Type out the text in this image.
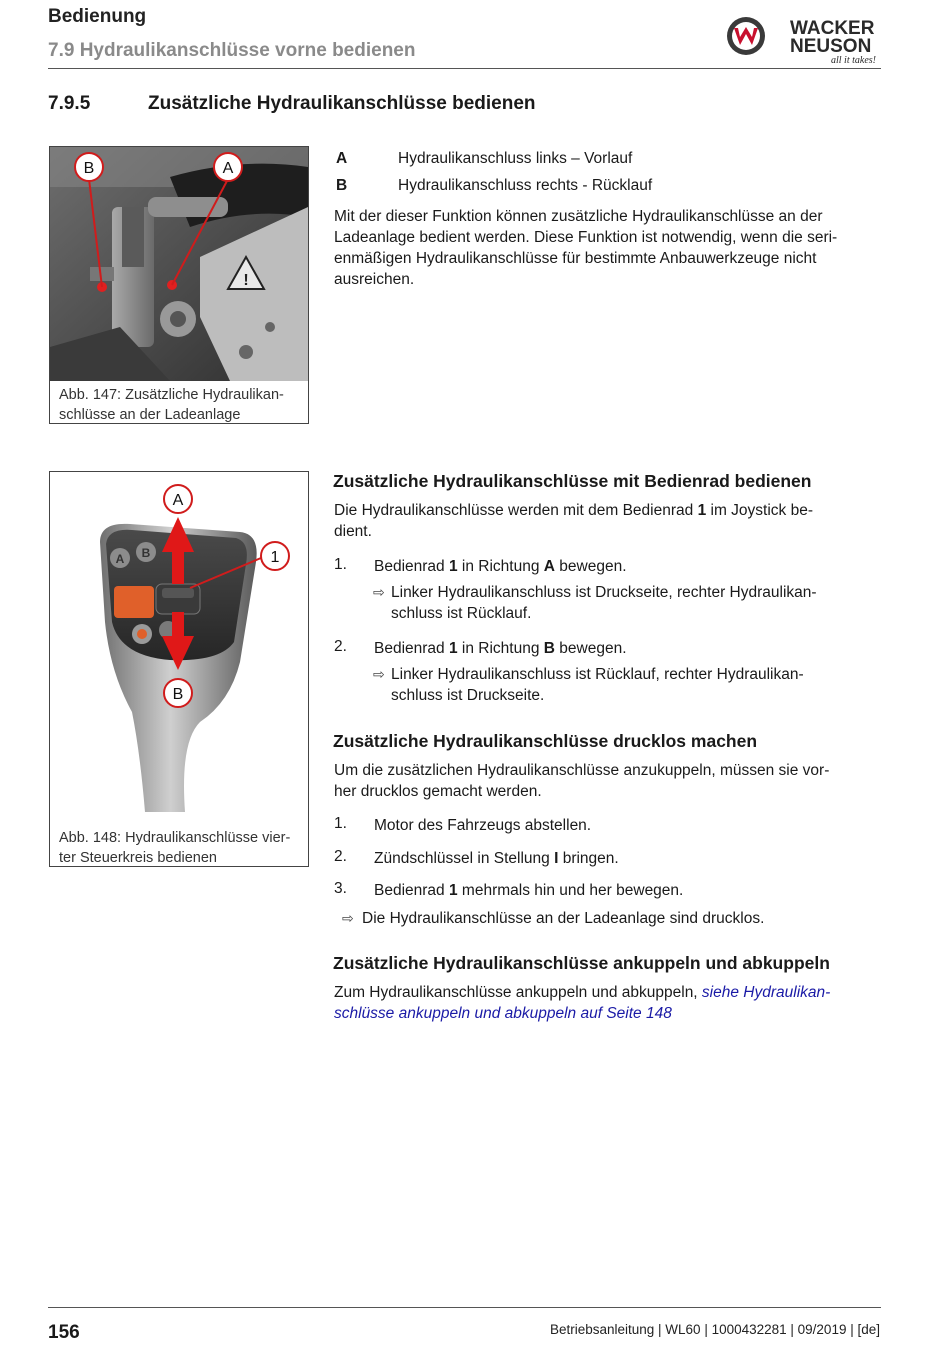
Bedienung
7.9 Hydraulikanschlüsse vorne bedienen
WACKER
NEUSON
all it takes!
7.9.5	Zusätzliche Hydraulikanschlüsse bedienen
!
B	A
Abb. 147: Zusätzliche Hydraulikan-
schlüsse an der Ladeanlage
A	Hydraulikanschluss links – Vorlauf
B	Hydraulikanschluss rechts - Rücklauf
Mit der dieser Funktion können zusätzliche Hydraulikanschlüsse an der
Ladeanlage bedient werden. Diese Funktion ist notwendig, wenn die seri-
enmäßigen Hydraulikanschlüsse für bestimmte Anbauwerkzeuge nicht
ausreichen.
A B
A
1
B
Abb. 148: Hydraulikanschlüsse vier-
ter Steuerkreis bedienen
Zusätzliche Hydraulikanschlüsse mit Bedienrad bedienen
Die Hydraulikanschlüsse werden mit dem Bedienrad 1 im Joystick be-
dient.
1. Bedienrad 1 in Richtung A bewegen.
⇨ Linker Hydraulikanschluss ist Druckseite, rechter Hydraulikan-
schluss ist Rücklauf.
2. Bedienrad 1 in Richtung B bewegen.
⇨ Linker Hydraulikanschluss ist Rücklauf, rechter Hydraulikan-
schluss ist Druckseite.
Zusätzliche Hydraulikanschlüsse drucklos machen
Um die zusätzlichen Hydraulikanschlüsse anzukuppeln, müssen sie vor-
her drucklos gemacht werden.
1. Motor des Fahrzeugs abstellen.
2. Zündschlüssel in Stellung I bringen.
3. Bedienrad 1 mehrmals hin und her bewegen.
⇨ Die Hydraulikanschlüsse an der Ladeanlage sind drucklos.
Zusätzliche Hydraulikanschlüsse ankuppeln und abkuppeln
Zum Hydraulikanschlüsse ankuppeln und abkuppeln, siehe Hydraulikan-
schlüsse ankuppeln und abkuppeln auf Seite 148
156	Betriebsanleitung | WL60 | 1000432281 | 09/2019 | [de]
